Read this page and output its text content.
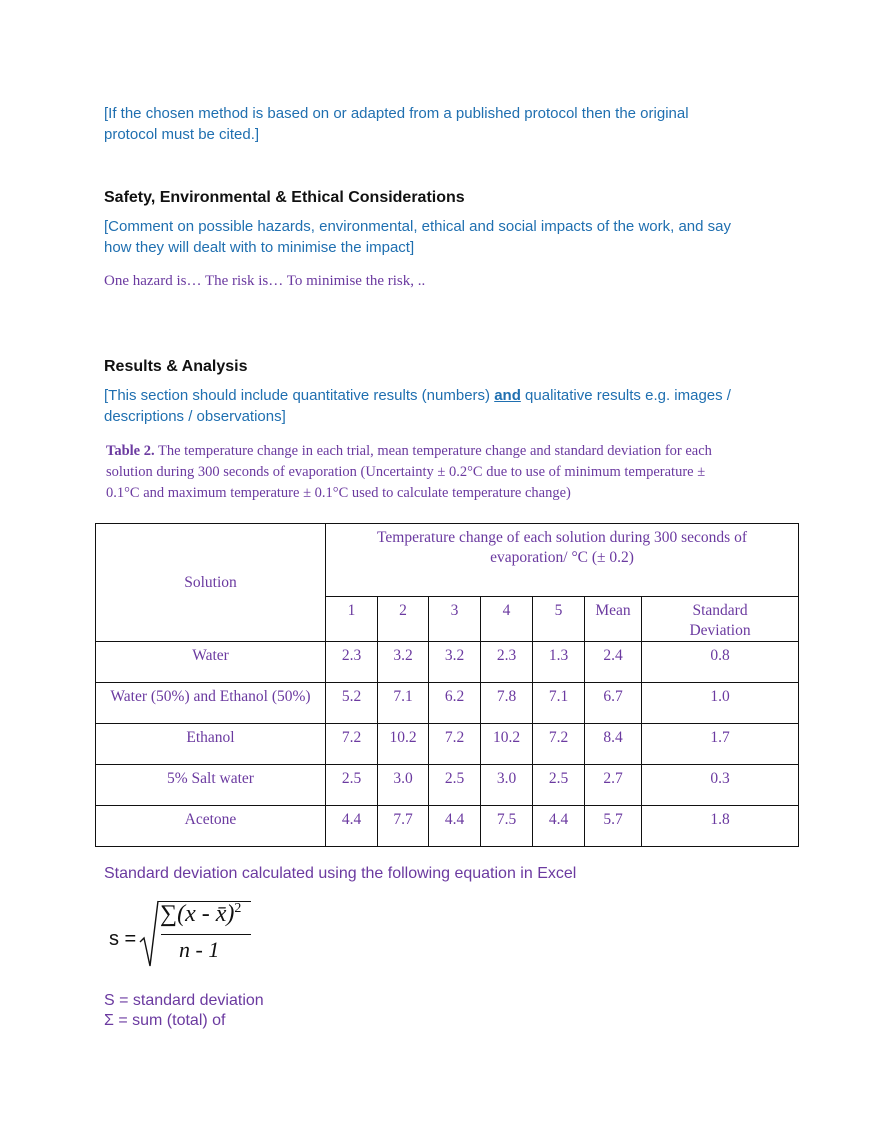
[If the chosen method is based on or adapted from a published protocol then the original
protocol must be cited.]
Safety, Environmental & Ethical Considerations
[Comment on possible hazards, environmental, ethical and social impacts of the work, and say
how they will dealt with to minimise the impact]
One hazard is… The risk is… To minimise the risk, ..
Results & Analysis
[This section should include quantitative results (numbers) and qualitative results e.g. images /
descriptions / observations]
Table 2. The temperature change in each trial, mean temperature change and standard deviation for each
solution during 300 seconds of evaporation (Uncertainty ± 0.2°C due to use of minimum temperature ±
0.1°C and maximum temperature ± 0.1°C used to calculate temperature change)
Solution	Temperature change of each solution during 300 seconds of evaporation/ °C (± 0.2)						
	1	2	3	4	5	Mean	Standard Deviation
Water	2.3	3.2	3.2	2.3	1.3	2.4	0.8
Water (50%) and Ethanol (50%)	5.2	7.1	6.2	7.8	7.1	6.7	1.0
Ethanol	7.2	10.2	7.2	10.2	7.2	8.4	1.7
5% Salt water	2.5	3.0	2.5	3.0	2.5	2.7	0.3
Acetone	4.4	7.7	4.4	7.5	4.4	5.7	1.8
Standard deviation calculated using the following equation in Excel
s =
∑(x - x̄)$^2$
n - 1
S = standard deviation
Σ = sum (total) of
